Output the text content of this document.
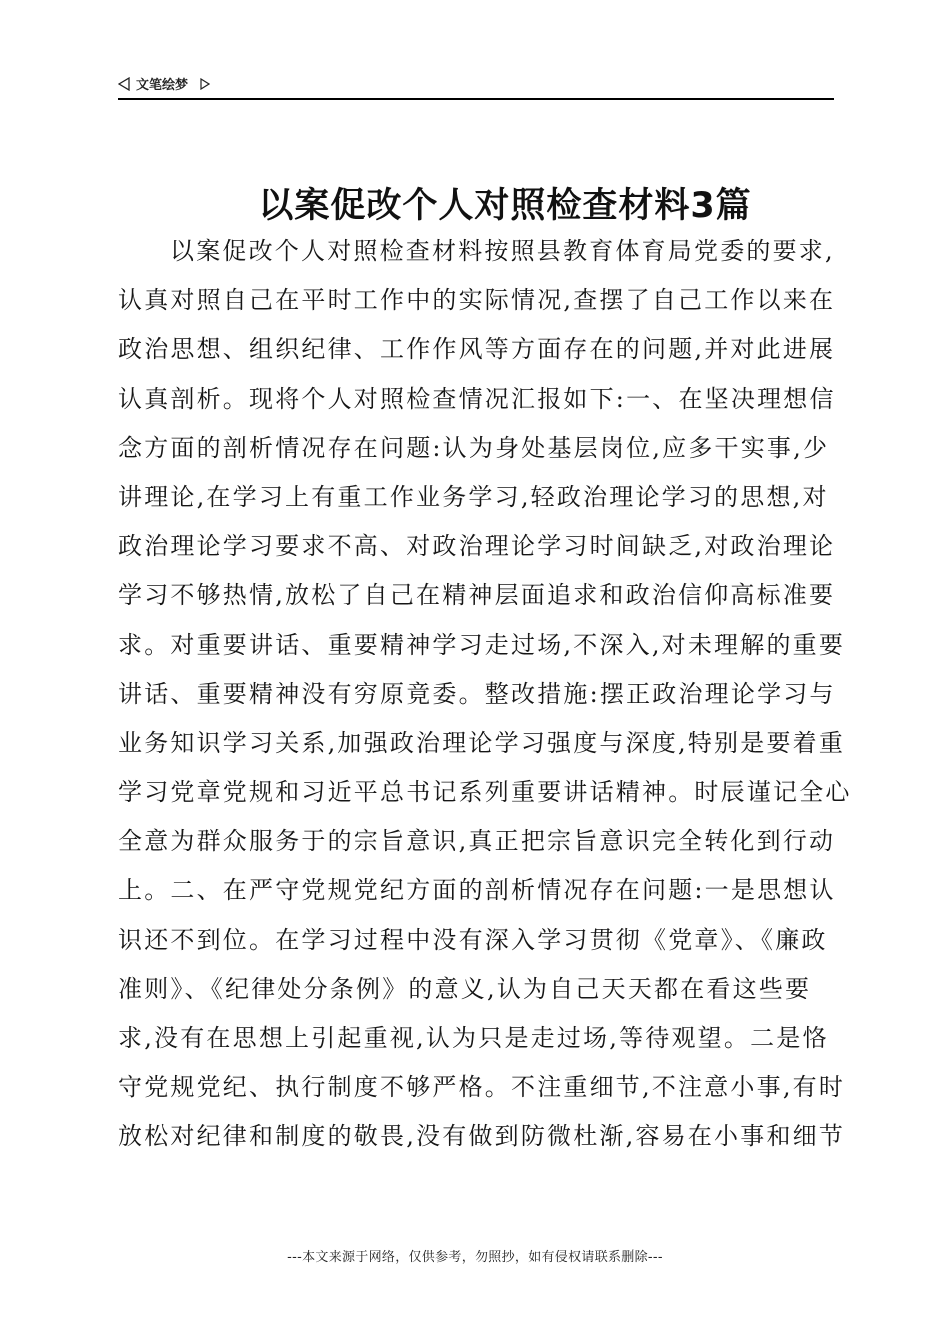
文笔绘梦
以案促改个人对照检查材料3篇
以案促改个人对照检查材料按照县教育体育局党委的要求,
认真对照自己在平时工作中的实际情况,查摆了自己工作以来在
政治思想、组织纪律、工作作风等方面存在的问题,并对此进展
认真剖析。现将个人对照检查情况汇报如下:一、在坚决理想信
念方面的剖析情况存在问题:认为身处基层岗位,应多干实事,少
讲理论,在学习上有重工作业务学习,轻政治理论学习的思想,对
政治理论学习要求不高、对政治理论学习时间缺乏,对政治理论
学习不够热情,放松了自己在精神层面追求和政治信仰高标准要
求。对重要讲话、重要精神学习走过场,不深入,对未理解的重要
讲话、重要精神没有穷原竟委。整改措施:摆正政治理论学习与
业务知识学习关系,加强政治理论学习强度与深度,特别是要着重
学习党章党规和习近平总书记系列重要讲话精神。时辰谨记全心
全意为群众服务于的宗旨意识,真正把宗旨意识完全转化到行动
上。二、在严守党规党纪方面的剖析情况存在问题:一是思想认
识还不到位。在学习过程中没有深入学习贯彻《党章》、《廉政
准则》、《纪律处分条例》的意义,认为自己天天都在看这些要
求,没有在思想上引起重视,认为只是走过场,等待观望。二是恪
守党规党纪、执行制度不够严格。不注重细节,不注意小事,有时
放松对纪律和制度的敬畏,没有做到防微杜渐,容易在小事和细节
---本文来源于网络，仅供参考，勿照抄，如有侵权请联系删除---
